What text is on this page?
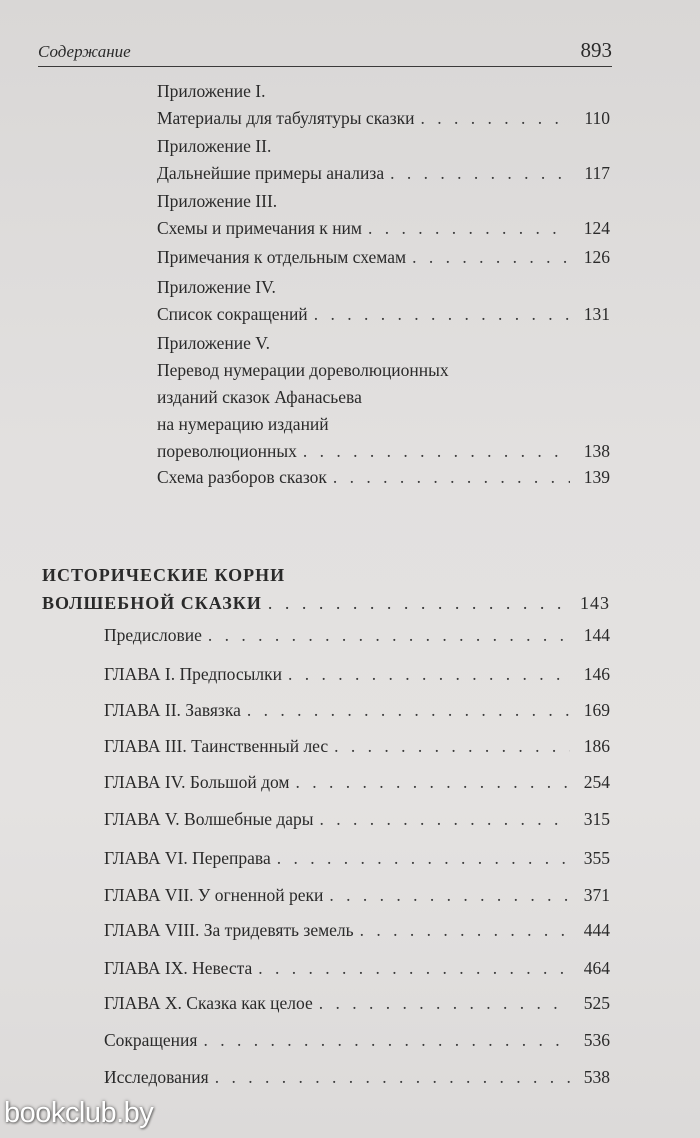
Содержание	893
Приложение I.
Материалы для табулятуры сказки . . .	110
Приложение II.
Дальнейшие примеры анализа . . .	117
Приложение III.
Схемы и примечания к ним . . .	124
Примечания к отдельным схемам . . .	126
Приложение IV.
Список сокращений . . .	131
Приложение V.
Перевод нумерации дореволюционных
изданий сказок Афанасьева
на нумерацию изданий
пореволюционных . . .	138
Схема разборов сказок . . .	139
ИСТОРИЧЕСКИЕ КОРНИ
ВОЛШЕБНОЙ СКАЗКИ . . .	143
Предисловие . . .	144
ГЛАВА I. Предпосылки . . .	146
ГЛАВА II. Завязка . . .	169
ГЛАВА III. Таинственный лес . . .	186
ГЛАВА IV. Большой дом . . .	254
ГЛАВА V. Волшебные дары . . .	315
ГЛАВА VI. Переправа . . .	355
ГЛАВА VII. У огненной реки . . .	371
ГЛАВА VIII. За тридевять земель . . .	444
ГЛАВА IX. Невеста . . .	464
ГЛАВА X. Сказка как целое . . .	525
Сокращения . . .	536
Исследования . . .	538
bookclub.by
